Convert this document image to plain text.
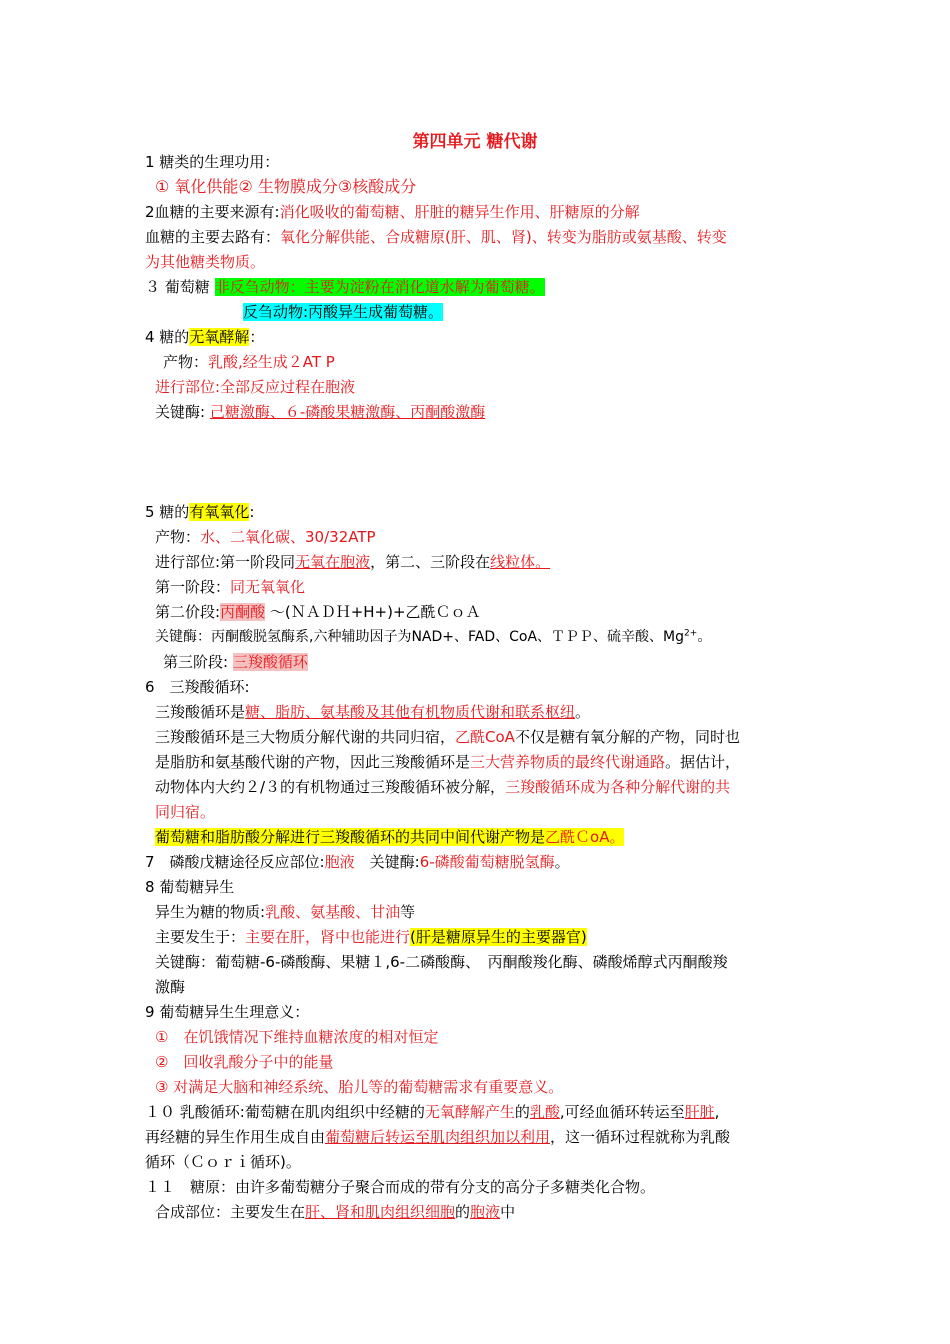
第四单元 糖代谢
1 糖类的生理功用：
① 氧化供能② 生物膜成分③核酸成分
2血糖的主要来源有:消化吸收的葡萄糖、肝脏的糖异生作用、肝糖原的分解
血糖的主要去路有：氧化分解供能、合成糖原(肝、肌、肾)、转变为脂肪或氨基酸、转变
为其他糖类物质。
３ 葡萄糖 非反刍动物：主要为淀粉在消化道水解为葡萄糖。
反刍动物:丙酸异生成葡萄糖。
4 糖的无氧酵解：
产物：乳酸,经生成２AT P
进行部位:全部反应过程在胞液
关键酶: 己糖激酶、６-磷酸果糖激酶、丙酮酸激酶
5 糖的有氧氧化:
产物：水、二氧化碳、30/32ATP
进行部位:第一阶段同无氧在胞液，第二、三阶段在线粒体。
第一阶段：同无氧氧化
第二价段:丙酮酸 ～(ＮＡＤＨ+H+)+乙酰ＣｏＡ
关键酶：丙酮酸脱氢酶系,六种辅助因子为NAD+、FAD、CoA、ＴＰＰ、硫辛酸、$Mg^{2+}$。
第三阶段: 三羧酸循环
6　三羧酸循环:
三羧酸循环是糖、脂肪、氨基酸及其他有机物质代谢和联系枢纽。
三羧酸循环是三大物质分解代谢的共同归宿，乙酰CoA不仅是糖有氧分解的产物，同时也
是脂肪和氨基酸代谢的产物，因此三羧酸循环是三大营养物质的最终代谢通路。据估计，
动物体内大约２/３的有机物通过三羧酸循环被分解，三羧酸循环成为各种分解代谢的共
同归宿。
葡萄糖和脂肪酸分解进行三羧酸循环的共同中间代谢产物是乙酰ＣoA。
7　磷酸戊糖途径反应部位:胞液　关键酶:6-磷酸葡萄糖脱氢酶。
8 葡萄糖异生
异生为糖的物质:乳酸、氨基酸、甘油等
主要发生于：主要在肝，肾中也能进行(肝是糖原异生的主要器官)
关键酶：葡萄糖-6-磷酸酶、果糖１,6-二磷酸酶、　丙酮酸羧化酶、磷酸烯醇式丙酮酸羧
激酶
9 葡萄糖异生生理意义：
①　在饥饿情况下维持血糖浓度的相对恒定
②　回收乳酸分子中的能量
③ 对满足大脑和神经系统、胎儿等的葡萄糖需求有重要意义。
１０ 乳酸循环:葡萄糖在肌肉组织中经糖的无氧酵解产生的乳酸,可经血循环转运至肝脏,
再经糖的异生作用生成自由葡萄糖后转运至肌肉组织加以利用，这一循环过程就称为乳酸
循环（Ｃｏｒｉ循环)。
１１　糖原：由许多葡萄糖分子聚合而成的带有分支的高分子多糖类化合物。
合成部位：主要发生在肝、肾和肌肉组织细胞的胞液中
